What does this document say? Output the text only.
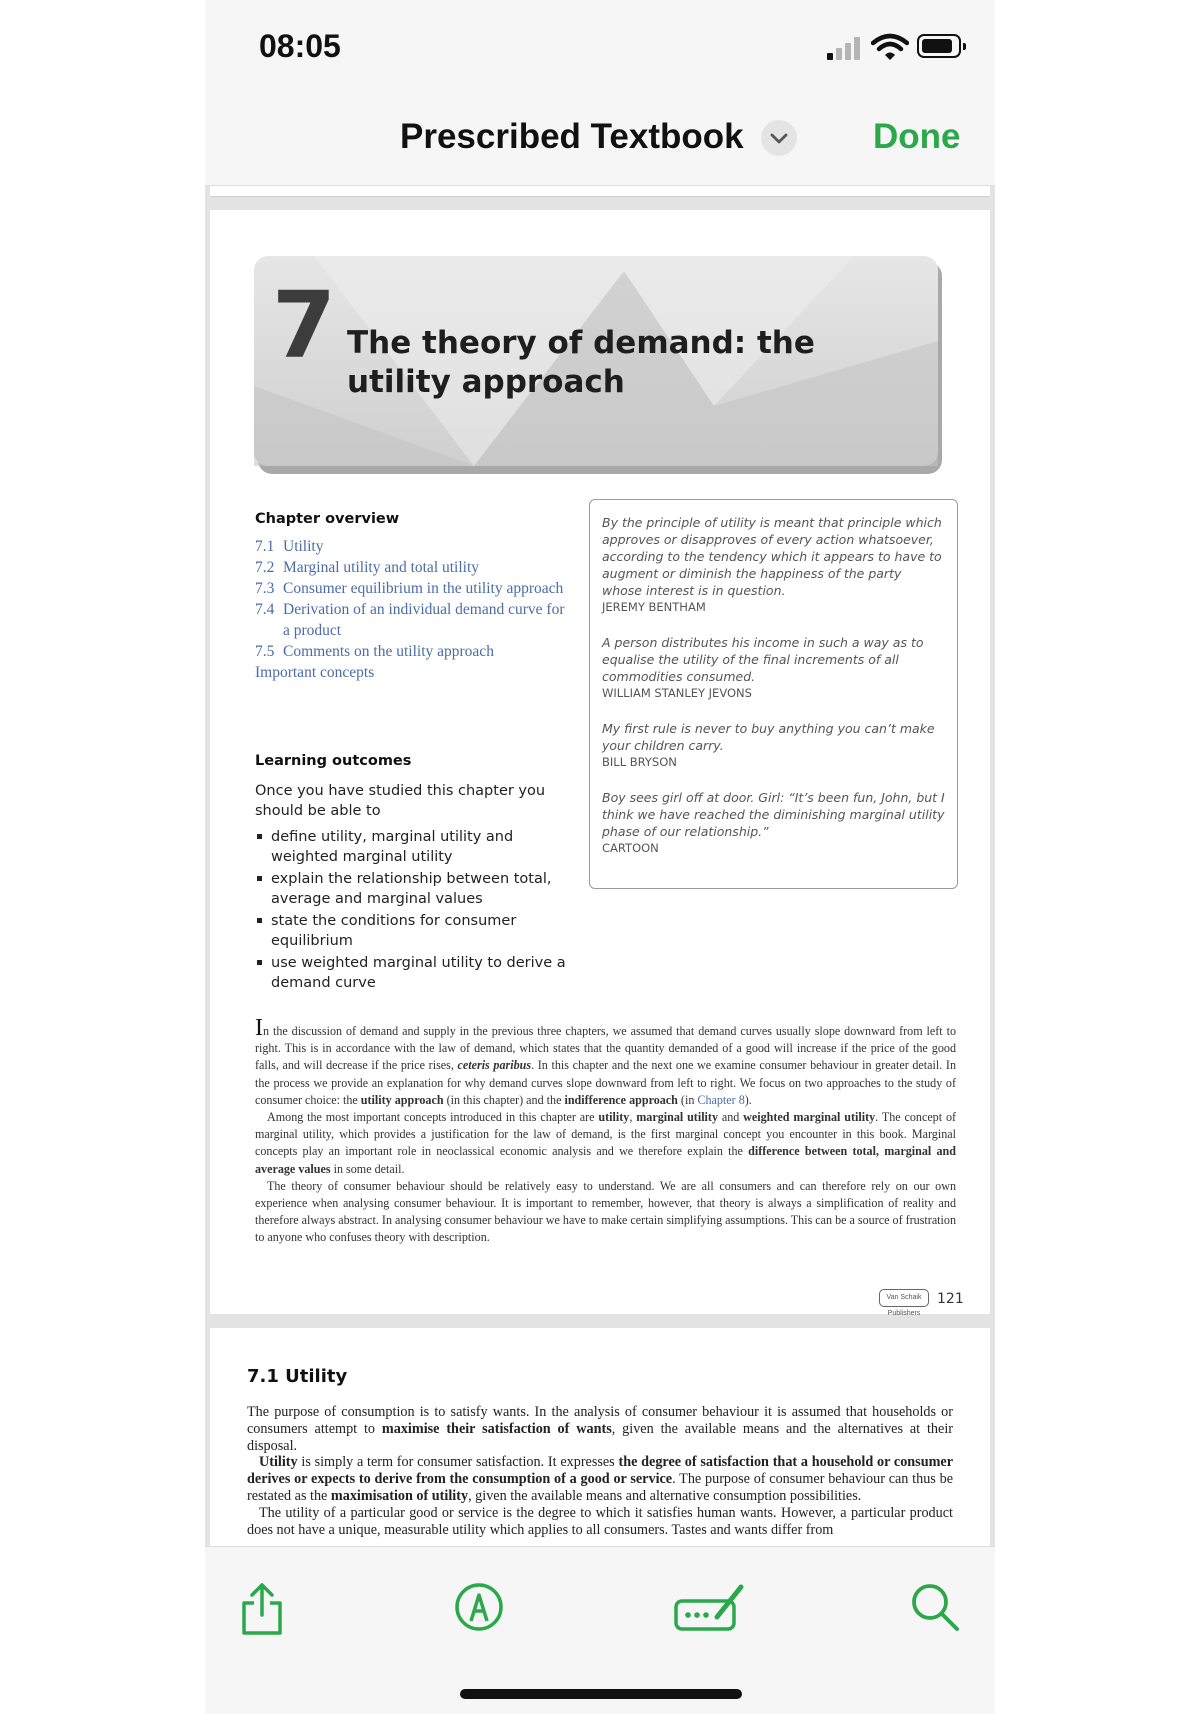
08:05
Prescribed Textbook	Done
7 The theory of demand: the utility approach
Chapter overview
7.1 Utility
7.2 Marginal utility and total utility
7.3 Consumer equilibrium in the utility approach
7.4 Derivation of an individual demand curve for a product
7.5 Comments on the utility approach
Important concepts
Learning outcomes
Once you have studied this chapter you should be able to
define utility, marginal utility and weighted marginal utility
explain the relationship between total, average and marginal values
state the conditions for consumer equilibrium
use weighted marginal utility to derive a demand curve
By the principle of utility is meant that principle which approves or disapproves of every action whatsoever, according to the tendency which it appears to have to augment or diminish the happiness of the party whose interest is in question.
JEREMY BENTHAM
A person distributes his income in such a way as to equalise the utility of the final increments of all commodities consumed.
WILLIAM STANLEY JEVONS
My first rule is never to buy anything you can’t make your children carry.
BILL BRYSON
Boy sees girl off at door. Girl: “It’s been fun, John, but I think we have reached the diminishing marginal utility phase of our relationship.”
CARTOON

In the discussion of demand and supply in the previous three chapters, we assumed that demand curves usually slope downward from left to right. This is in accordance with the law of demand, which states that the quantity demanded of a good will increase if the price of the good falls, and will decrease if the price rises, ceteris paribus. In this chapter and the next one we examine consumer behaviour in greater detail. In the process we provide an explanation for why demand curves slope downward from left to right. We focus on two approaches to the study of consumer choice: the utility approach (in this chapter) and the indifference approach (in Chapter 8).

Among the most important concepts introduced in this chapter are utility, marginal utility and weighted marginal utility. The concept of marginal utility, which provides a justification for the law of demand, is the first marginal concept you encounter in this book. Marginal concepts play an important role in neoclassical economic analysis and we therefore explain the difference between total, marginal and average values in some detail.

The theory of consumer behaviour should be relatively easy to understand. We are all consumers and can therefore rely on our own experience when analysing consumer behaviour. It is important to remember, however, that theory is always a simplification of reality and therefore always abstract. In analysing consumer behaviour we have to make certain simplifying assumptions. This can be a source of frustration to anyone who confuses theory with description.

Van Schaik Publishers
121
7.1 Utility

The purpose of consumption is to satisfy wants. In the analysis of consumer behaviour it is assumed that households or consumers attempt to maximise their satisfaction of wants, given the available means and the alternatives at their disposal.

Utility is simply a term for consumer satisfaction. It expresses the degree of satisfaction that a household or consumer derives or expects to derive from the consumption of a good or service. The purpose of consumer behaviour can thus be restated as the maximisation of utility, given the available means and alternative consumption possibilities.

The utility of a particular good or service is the degree to which it satisfies human wants. However, a particular product does not have a unique, measurable utility which applies to all consumers. Tastes and wants differ from
